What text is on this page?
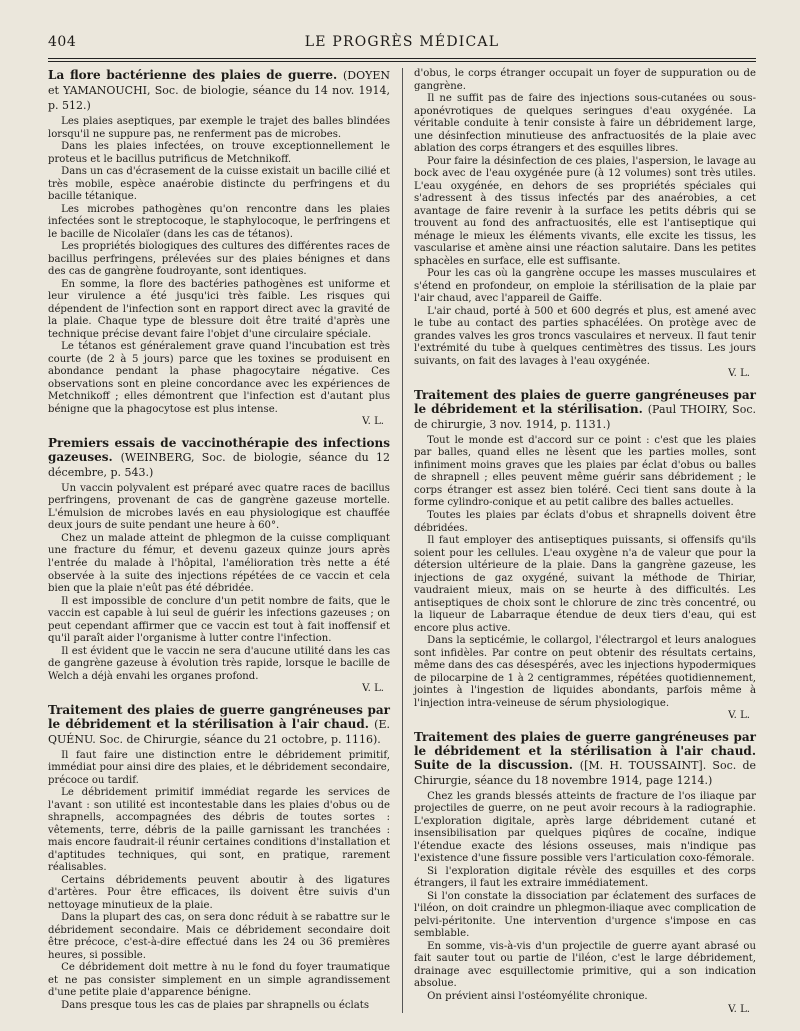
404	LE PROGRÈS MÉDICAL

La flore bactérienne des plaies de guerre. (DOYEN et YAMANOUCHI, Soc. de biologie, séance du 14 nov. 1914, p. 512.)

Les plaies aseptiques, par exemple le trajet des balles blindées lorsqu'il ne suppure pas, ne renferment pas de microbes.

Dans les plaies infectées, on trouve exceptionnellement le proteus et le bacillus putrificus de Metchnikoff.

Dans un cas d'écrasement de la cuisse existait un bacille cilié et très mobile, espèce anaérobie distincte du perfringens et du bacille tétanique.

Les microbes pathogènes qu'on rencontre dans les plaies infectées sont le streptocoque, le staphylocoque, le perfringens et le bacille de Nicolaïer (dans les cas de tétanos).

Les propriétés biologiques des cultures des différentes races de bacillus perfringens, prélevées sur des plaies bénignes et dans des cas de gangrène foudroyante, sont identiques.

En somme, la flore des bactéries pathogènes est uniforme et leur virulence a été jusqu'ici très faible. Les risques qui dépendent de l'infection sont en rapport direct avec la gravité de la plaie. Chaque type de blessure doit être traité d'après une technique précise devant faire l'objet d'une circulaire spéciale.

Le tétanos est généralement grave quand l'incubation est très courte (de 2 à 5 jours) parce que les toxines se produisent en abondance pendant la phase phagocytaire négative. Ces observations sont en pleine concordance avec les expériences de Metchnikoff ; elles démontrent que l'infection est d'autant plus bénigne que la phagocytose est plus intense.

V. L.

Premiers essais de vaccinothérapie des infections gazeuses. (WEINBERG, Soc. de biologie, séance du 12 décembre, p. 543.)

Un vaccin polyvalent est préparé avec quatre races de bacillus perfringens, provenant de cas de gangrène gazeuse mortelle. L'émulsion de microbes lavés en eau physiologique est chauffée deux jours de suite pendant une heure à 60°.

Chez un malade atteint de phlegmon de la cuisse compliquant une fracture du fémur, et devenu gazeux quinze jours après l'entrée du malade à l'hôpital, l'amélioration très nette a été observée à la suite des injections répétées de ce vaccin et cela bien que la plaie n'eût pas été débridée.

Il est impossible de conclure d'un petit nombre de faits, que le vaccin est capable à lui seul de guérir les infections gazeuses ; on peut cependant affirmer que ce vaccin est tout à fait inoffensif et qu'il paraît aider l'organisme à lutter contre l'infection.

Il est évident que le vaccin ne sera d'aucune utilité dans les cas de gangrène gazeuse à évolution très rapide, lorsque le bacille de Welch a déjà envahi les organes profond.

V. L.

Traitement des plaies de guerre gangréneuses par le débridement et la stérilisation à l'air chaud. (E. QUÉNU. Soc. de Chirurgie, séance du 21 octobre, p. 1116).

Il faut faire une distinction entre le débridement primitif, immédiat pour ainsi dire des plaies, et le débridement secondaire, précoce ou tardif.

Le débridement primitif immédiat regarde les services de l'avant : son utilité est incontestable dans les plaies d'obus ou de shrapnells, accompagnées des débris de toutes sortes : vêtements, terre, débris de la paille garnissant les tranchées : mais encore faudrait-il réunir certaines conditions d'installation et d'aptitudes techniques, qui sont, en pratique, rarement réalisables.

Certains débridements peuvent aboutir à des ligatures d'artères. Pour être efficaces, ils doivent être suivis d'un nettoyage minutieux de la plaie.

Dans la plupart des cas, on sera donc réduit à se rabattre sur le débridement secondaire. Mais ce débridement secondaire doit être précoce, c'est-à-dire effectué dans les 24 ou 36 premières heures, si possible.

Ce débridement doit mettre à nu le fond du foyer traumatique et ne pas consister simplement en un simple agrandissement d'une petite plaie d'apparence bénigne.

Dans presque tous les cas de plaies par shrapnells ou éclats

d'obus, le corps étranger occupait un foyer de suppuration ou de gangrène.

Il ne suffit pas de faire des injections sous-cutanées ou sous-aponévrotiques de quelques seringues d'eau oxygénée. La véritable conduite à tenir consiste à faire un débridement large, une désinfection minutieuse des anfractuosités de la plaie avec ablation des corps étrangers et des esquilles libres.

Pour faire la désinfection de ces plaies, l'aspersion, le lavage au bock avec de l'eau oxygénée pure (à 12 volumes) sont très utiles. L'eau oxygénée, en dehors de ses propriétés spéciales qui s'adressent à des tissus infectés par des anaérobies, a cet avantage de faire revenir à la surface les petits débris qui se trouvent au fond des anfractuosités, elle est l'antiseptique qui ménage le mieux les éléments vivants, elle excite les tissus, les vascularise et amène ainsi une réaction salutaire. Dans les petites sphacèles en surface, elle est suffisante.

Pour les cas où la gangrène occupe les masses musculaires et s'étend en profondeur, on emploie la stérilisation de la plaie par l'air chaud, avec l'appareil de Gaiffe.

L'air chaud, porté à 500 et 600 degrés et plus, est amené avec le tube au contact des parties sphacélées. On protège avec de grandes valves les gros troncs vasculaires et nerveux. Il faut tenir l'extrémité du tube à quelques centimètres des tissus. Les jours suivants, on fait des lavages à l'eau oxygénée.

V. L.

Traitement des plaies de guerre gangréneuses par le débridement et la stérilisation. (Paul THOIRY, Soc. de chirurgie, 3 nov. 1914, p. 1131.)

Tout le monde est d'accord sur ce point : c'est que les plaies par balles, quand elles ne lèsent que les parties molles, sont infiniment moins graves que les plaies par éclat d'obus ou balles de shrapnell ; elles peuvent même guérir sans débridement ; le corps étranger est assez bien toléré. Ceci tient sans doute à la forme cylindro-conique et au petit calibre des balles actuelles.

Toutes les plaies par éclats d'obus et shrapnells doivent être débridées.

Il faut employer des antiseptiques puissants, si offensifs qu'ils soient pour les cellules. L'eau oxygène n'a de valeur que pour la détersion ultérieure de la plaie. Dans la gangrène gazeuse, les injections de gaz oxygéné, suivant la méthode de Thiriar, vaudraient mieux, mais on se heurte à des difficultés. Les antiseptiques de choix sont le chlorure de zinc très concentré, ou la liqueur de Labarraque étendue de deux tiers d'eau, qui est encore plus active.

Dans la septicémie, le collargol, l'électrargol et leurs analogues sont infidèles. Par contre on peut obtenir des résultats certains, même dans des cas désespérés, avec les injections hypodermiques de pilocarpine de 1 à 2 centigrammes, répétées quotidiennement, jointes à l'ingestion de liquides abondants, parfois même à l'injection intra-veineuse de sérum physiologique.

V. L.

Traitement des plaies de guerre gangréneuses par le débridement et la stérilisation à l'air chaud. Suite de la discussion. ([M. H. TOUSSAINT]. Soc. de Chirurgie, séance du 18 novembre 1914, page 1214.)

Chez les grands blessés atteints de fracture de l'os iliaque par projectiles de guerre, on ne peut avoir recours à la radiographie. L'exploration digitale, après large débridement cutané et insensibilisation par quelques piqûres de cocaïne, indique l'étendue exacte des lésions osseuses, mais n'indique pas l'existence d'une fissure possible vers l'articulation coxo-fémorale.

Si l'exploration digitale révèle des esquilles et des corps étrangers, il faut les extraire immédiatement.

Si l'on constate la dissociation par éclatement des surfaces de l'iléon, on doit craindre un phlegmon-iliaque avec complication de pelvi-péritonite. Une intervention d'urgence s'impose en cas semblable.

En somme, vis-à-vis d'un projectile de guerre ayant abrasé ou fait sauter tout ou partie de l'iléon, c'est le large débridement, drainage avec esquillectomie primitive, qui a son indication absolue.

On prévient ainsi l'ostéomyélite chronique.

V. L.
